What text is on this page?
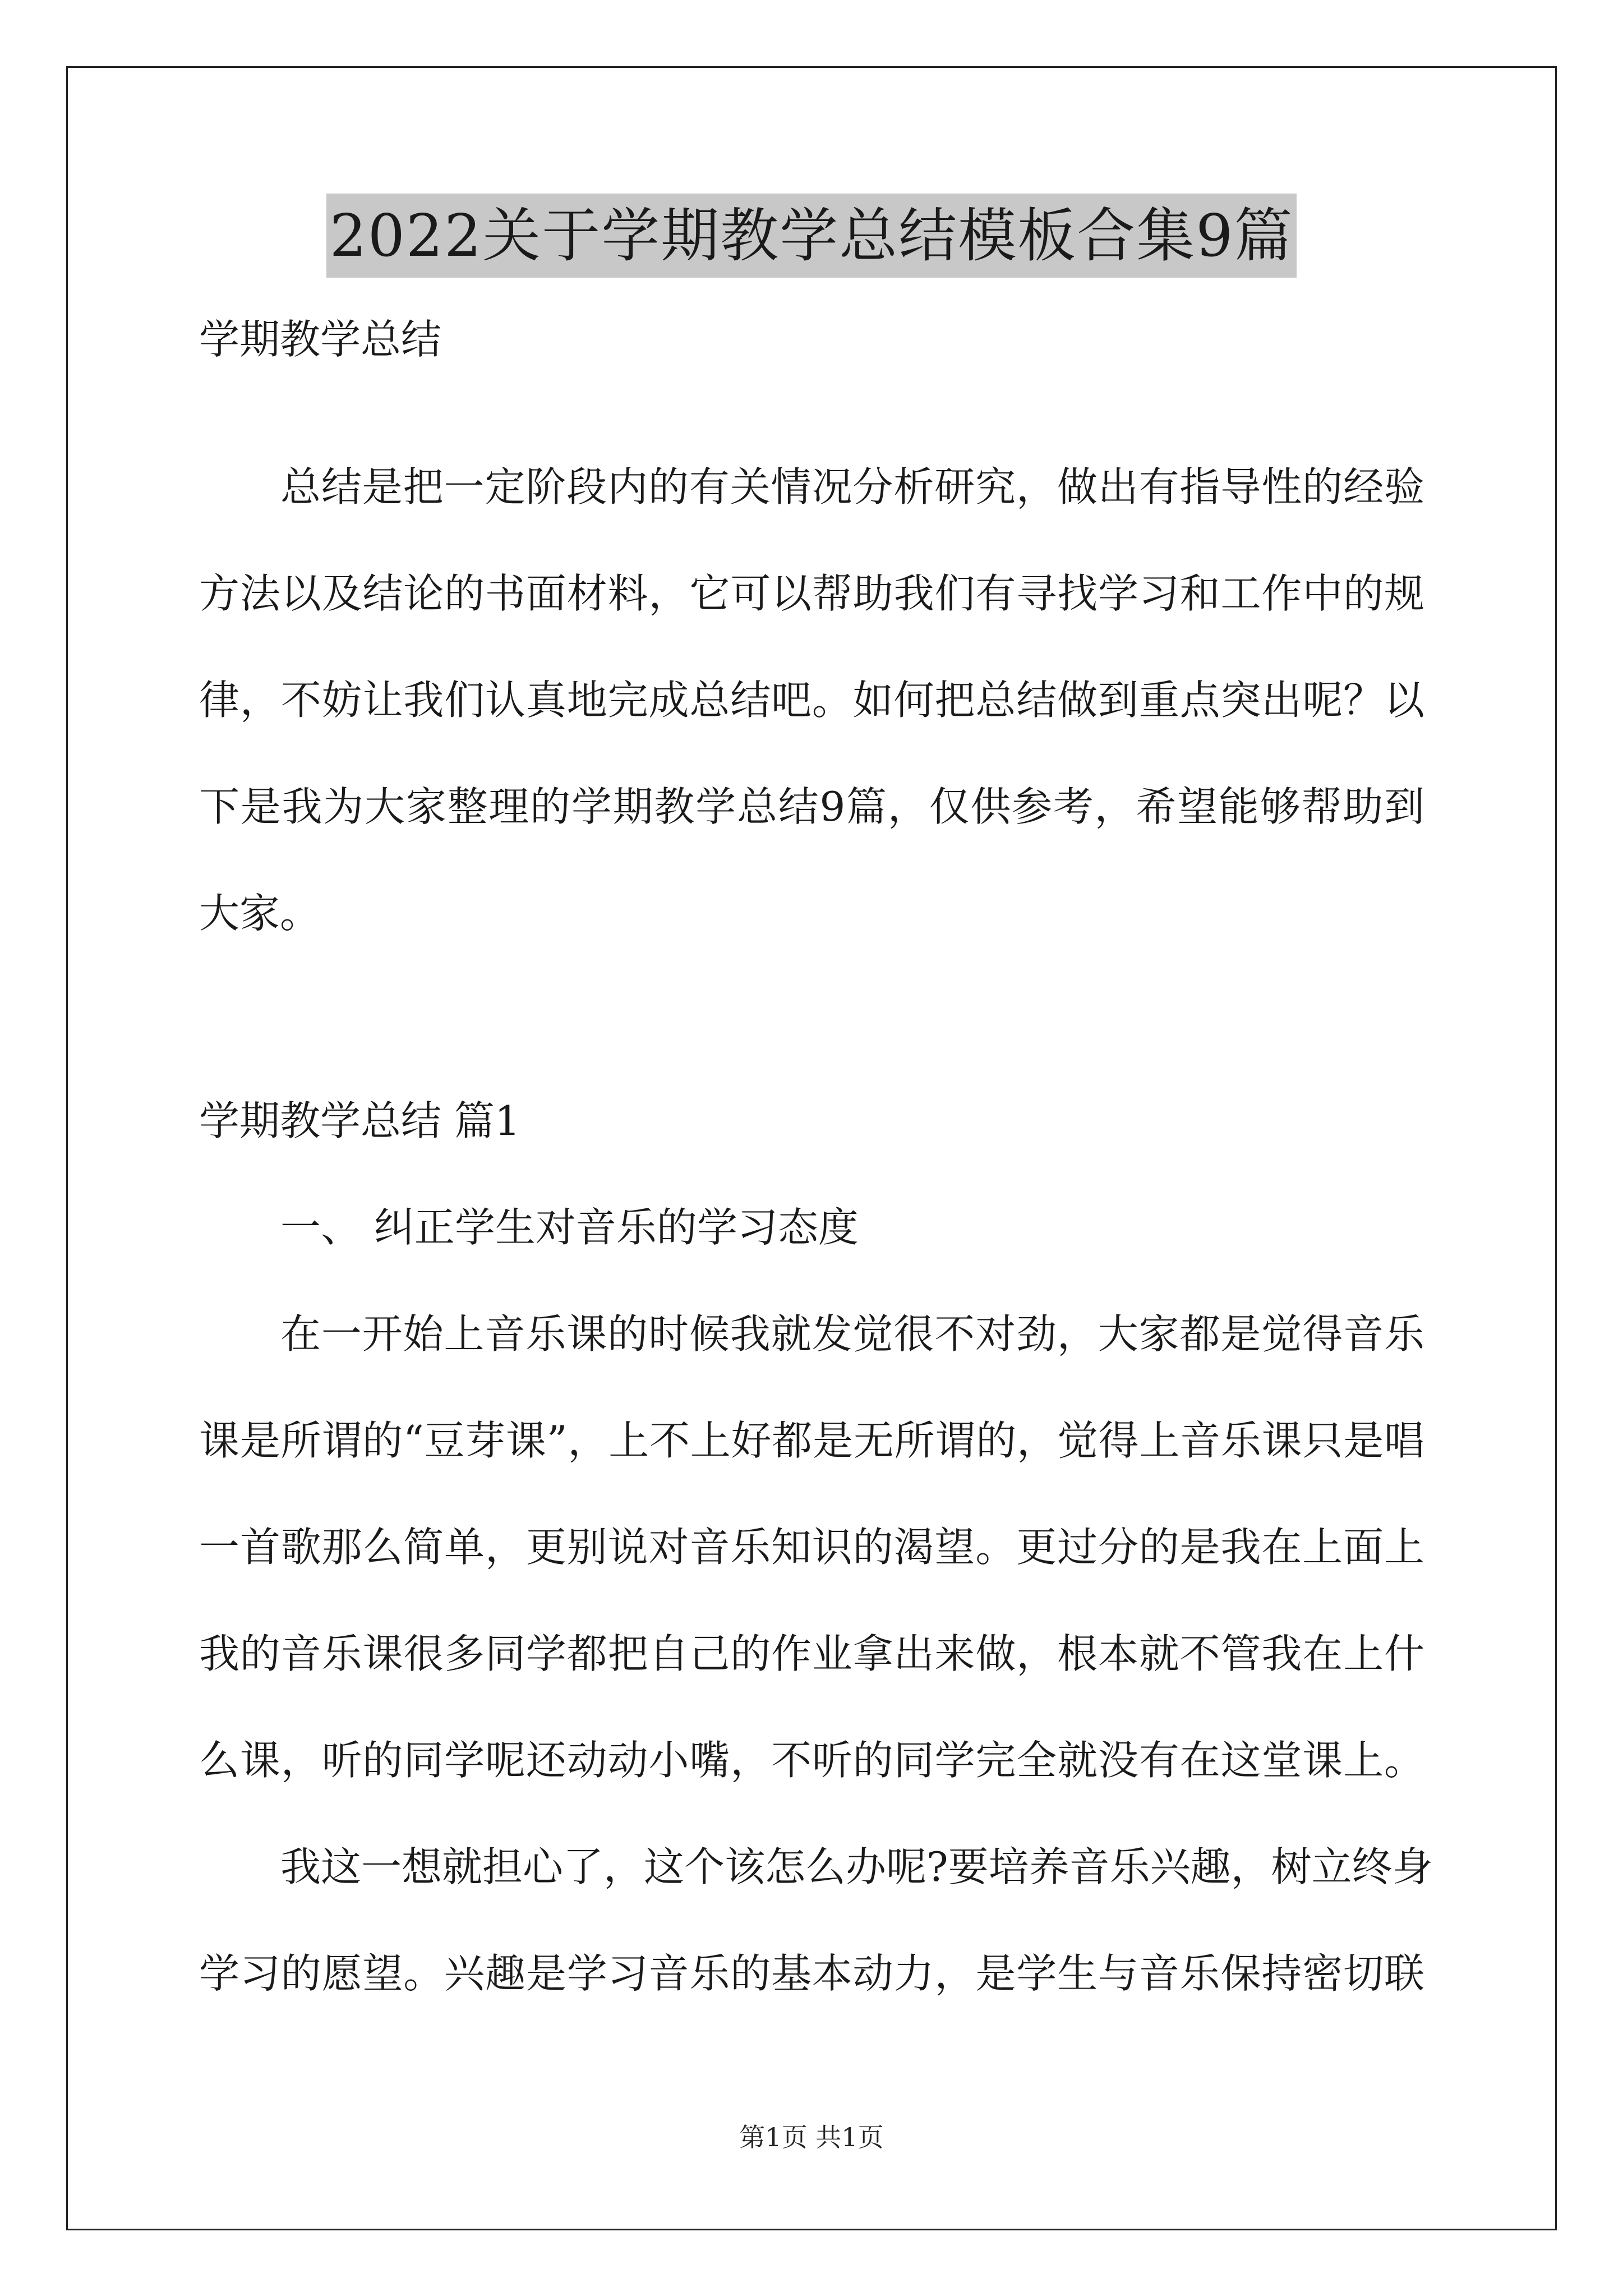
2022关于学期教学总结模板合集9篇
学期教学总结
总结是把一定阶段内的有关情况分析研究，做出有指导性的经验
方法以及结论的书面材料，它可以帮助我们有寻找学习和工作中的规
律，不妨让我们认真地完成总结吧。如何把总结做到重点突出呢？以
下是我为大家整理的学期教学总结9篇，仅供参考，希望能够帮助到
大家。
学期教学总结 篇1
一、 纠正学生对音乐的学习态度
在一开始上音乐课的时候我就发觉很不对劲，大家都是觉得音乐
课是所谓的“豆芽课”，上不上好都是无所谓的，觉得上音乐课只是唱
一首歌那么简单，更别说对音乐知识的渴望。更过分的是我在上面上
我的音乐课很多同学都把自己的作业拿出来做，根本就不管我在上什
么课，听的同学呢还动动小嘴，不听的同学完全就没有在这堂课上。
我这一想就担心了，这个该怎么办呢?要培养音乐兴趣，树立终身
学习的愿望。兴趣是学习音乐的基本动力，是学生与音乐保持密切联
第1页 共1页
